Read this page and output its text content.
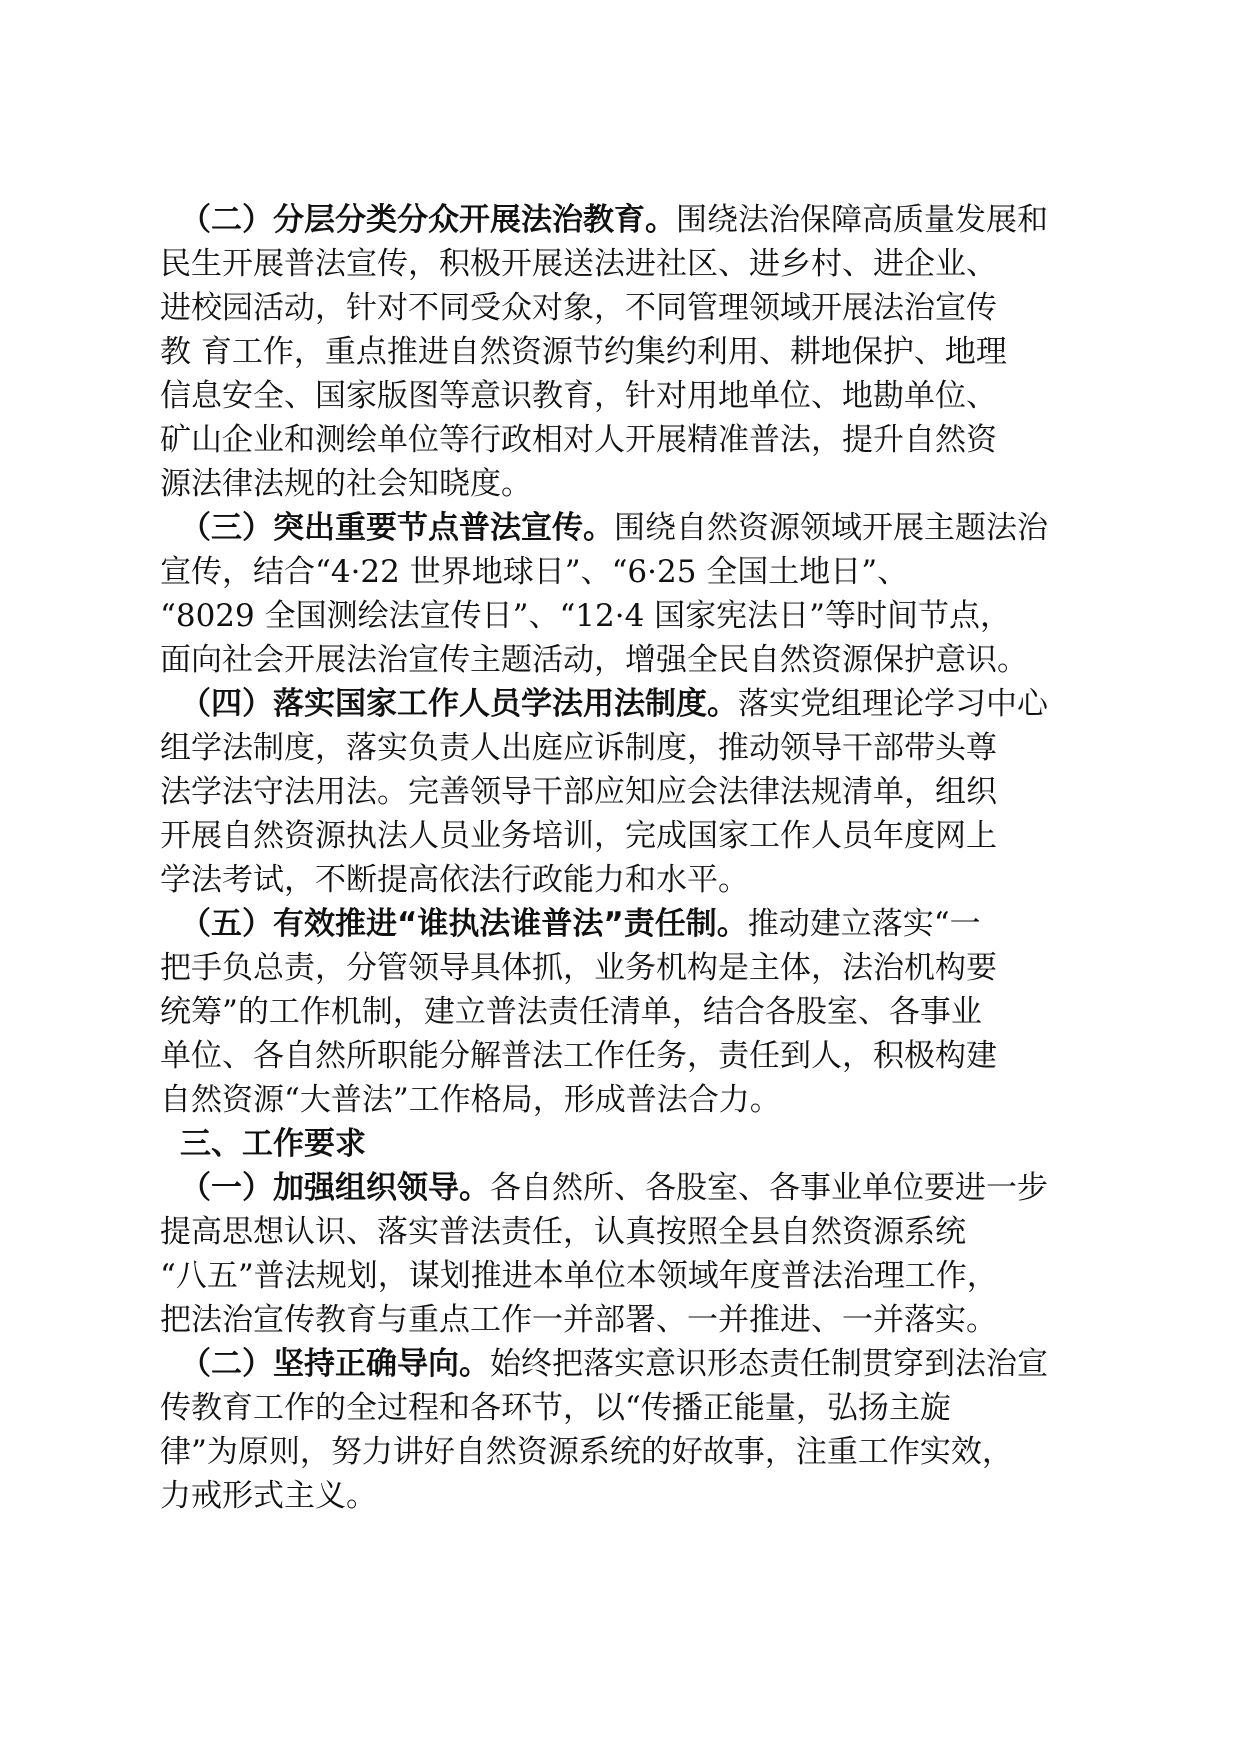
（二）分层分类分众开展法治教育。围绕法治保障高质量发展和
民生开展普法宣传，积极开展送法进社区、进乡村、进企业、
进校园活动，针对不同受众对象，不同管理领域开展法治宣传
教 育工作，重点推进自然资源节约集约利用、耕地保护、地理
信息安全、国家版图等意识教育，针对用地单位、地勘单位、
矿山企业和测绘单位等行政相对人开展精准普法，提升自然资
源法律法规的社会知晓度。
（三）突出重要节点普法宣传。围绕自然资源领域开展主题法治
宣传，结合“4·22 世界地球日”、“6·25 全国土地日”、
“8029 全国测绘法宣传日”、“12·4 国家宪法日”等时间节点，
面向社会开展法治宣传主题活动，增强全民自然资源保护意识。
（四）落实国家工作人员学法用法制度。落实党组理论学习中心
组学法制度，落实负责人出庭应诉制度，推动领导干部带头尊
法学法守法用法。完善领导干部应知应会法律法规清单，组织
开展自然资源执法人员业务培训，完成国家工作人员年度网上
学法考试，不断提高依法行政能力和水平。
（五）有效推进“谁执法谁普法”责任制。推动建立落实“一
把手负总责，分管领导具体抓，业务机构是主体，法治机构要
统筹”的工作机制，建立普法责任清单，结合各股室、各事业
单位、各自然所职能分解普法工作任务，责任到人，积极构建
自然资源“大普法”工作格局，形成普法合力。
三、工作要求
（一）加强组织领导。各自然所、各股室、各事业单位要进一步
提高思想认识、落实普法责任，认真按照全县自然资源系统
“八五”普法规划，谋划推进本单位本领域年度普法治理工作，
把法治宣传教育与重点工作一并部署、一并推进、一并落实。
（二）坚持正确导向。始终把落实意识形态责任制贯穿到法治宣
传教育工作的全过程和各环节，以“传播正能量，弘扬主旋
律”为原则，努力讲好自然资源系统的好故事，注重工作实效，
力戒形式主义。
